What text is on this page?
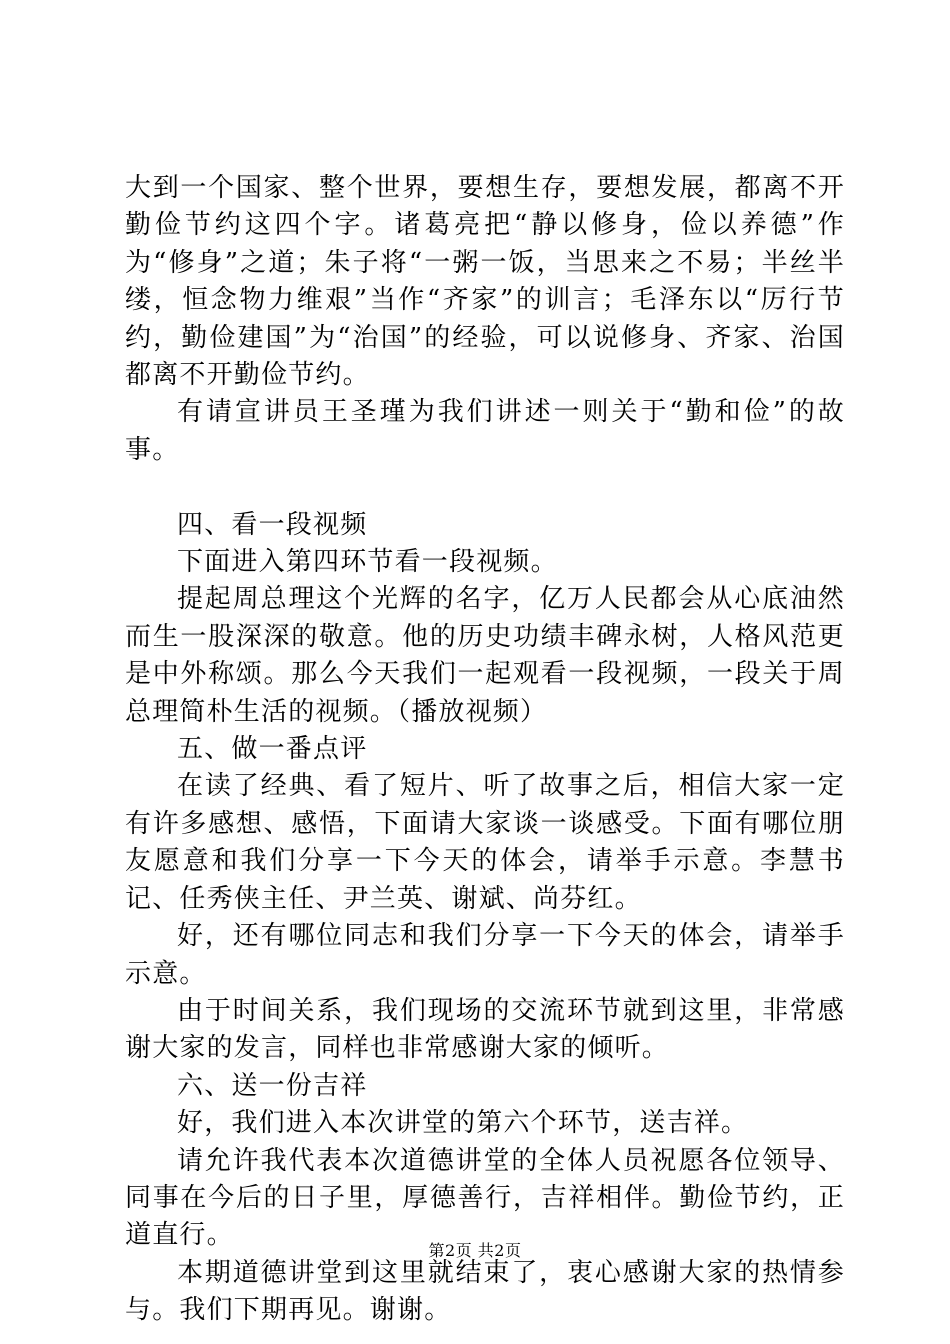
大到一个国家、整个世界，要想生存，要想发展，都离不开勤俭节约这四个字。诸葛亮把“静以修身，俭以养德”作为“修身”之道；朱子将“一粥一饭，当思来之不易；半丝半缕，恒念物力维艰”当作“齐家”的训言；毛泽东以“厉行节约，勤俭建国”为“治国”的经验，可以说修身、齐家、治国都离不开勤俭节约。

有请宣讲员王圣瑾为我们讲述一则关于“勤和俭”的故事。

四、看一段视频

下面进入第四环节看一段视频。

提起周总理这个光辉的名字，亿万人民都会从心底油然而生一股深深的敬意。他的历史功绩丰碑永树，人格风范更是中外称颂。那么今天我们一起观看一段视频，一段关于周总理简朴生活的视频。（播放视频）

五、做一番点评

在读了经典、看了短片、听了故事之后，相信大家一定有许多感想、感悟，下面请大家谈一谈感受。下面有哪位朋友愿意和我们分享一下今天的体会，请举手示意。李慧书记、任秀侠主任、尹兰英、谢斌、尚芬红。

好，还有哪位同志和我们分享一下今天的体会，请举手示意。

由于时间关系，我们现场的交流环节就到这里，非常感谢大家的发言，同样也非常感谢大家的倾听。

六、送一份吉祥

好，我们进入本次讲堂的第六个环节，送吉祥。

请允许我代表本次道德讲堂的全体人员祝愿各位领导、同事在今后的日子里，厚德善行，吉祥相伴。勤俭节约，正道直行。

本期道德讲堂到这里就结束了，衷心感谢大家的热情参与。我们下期再见。谢谢。

第2页 共2页
